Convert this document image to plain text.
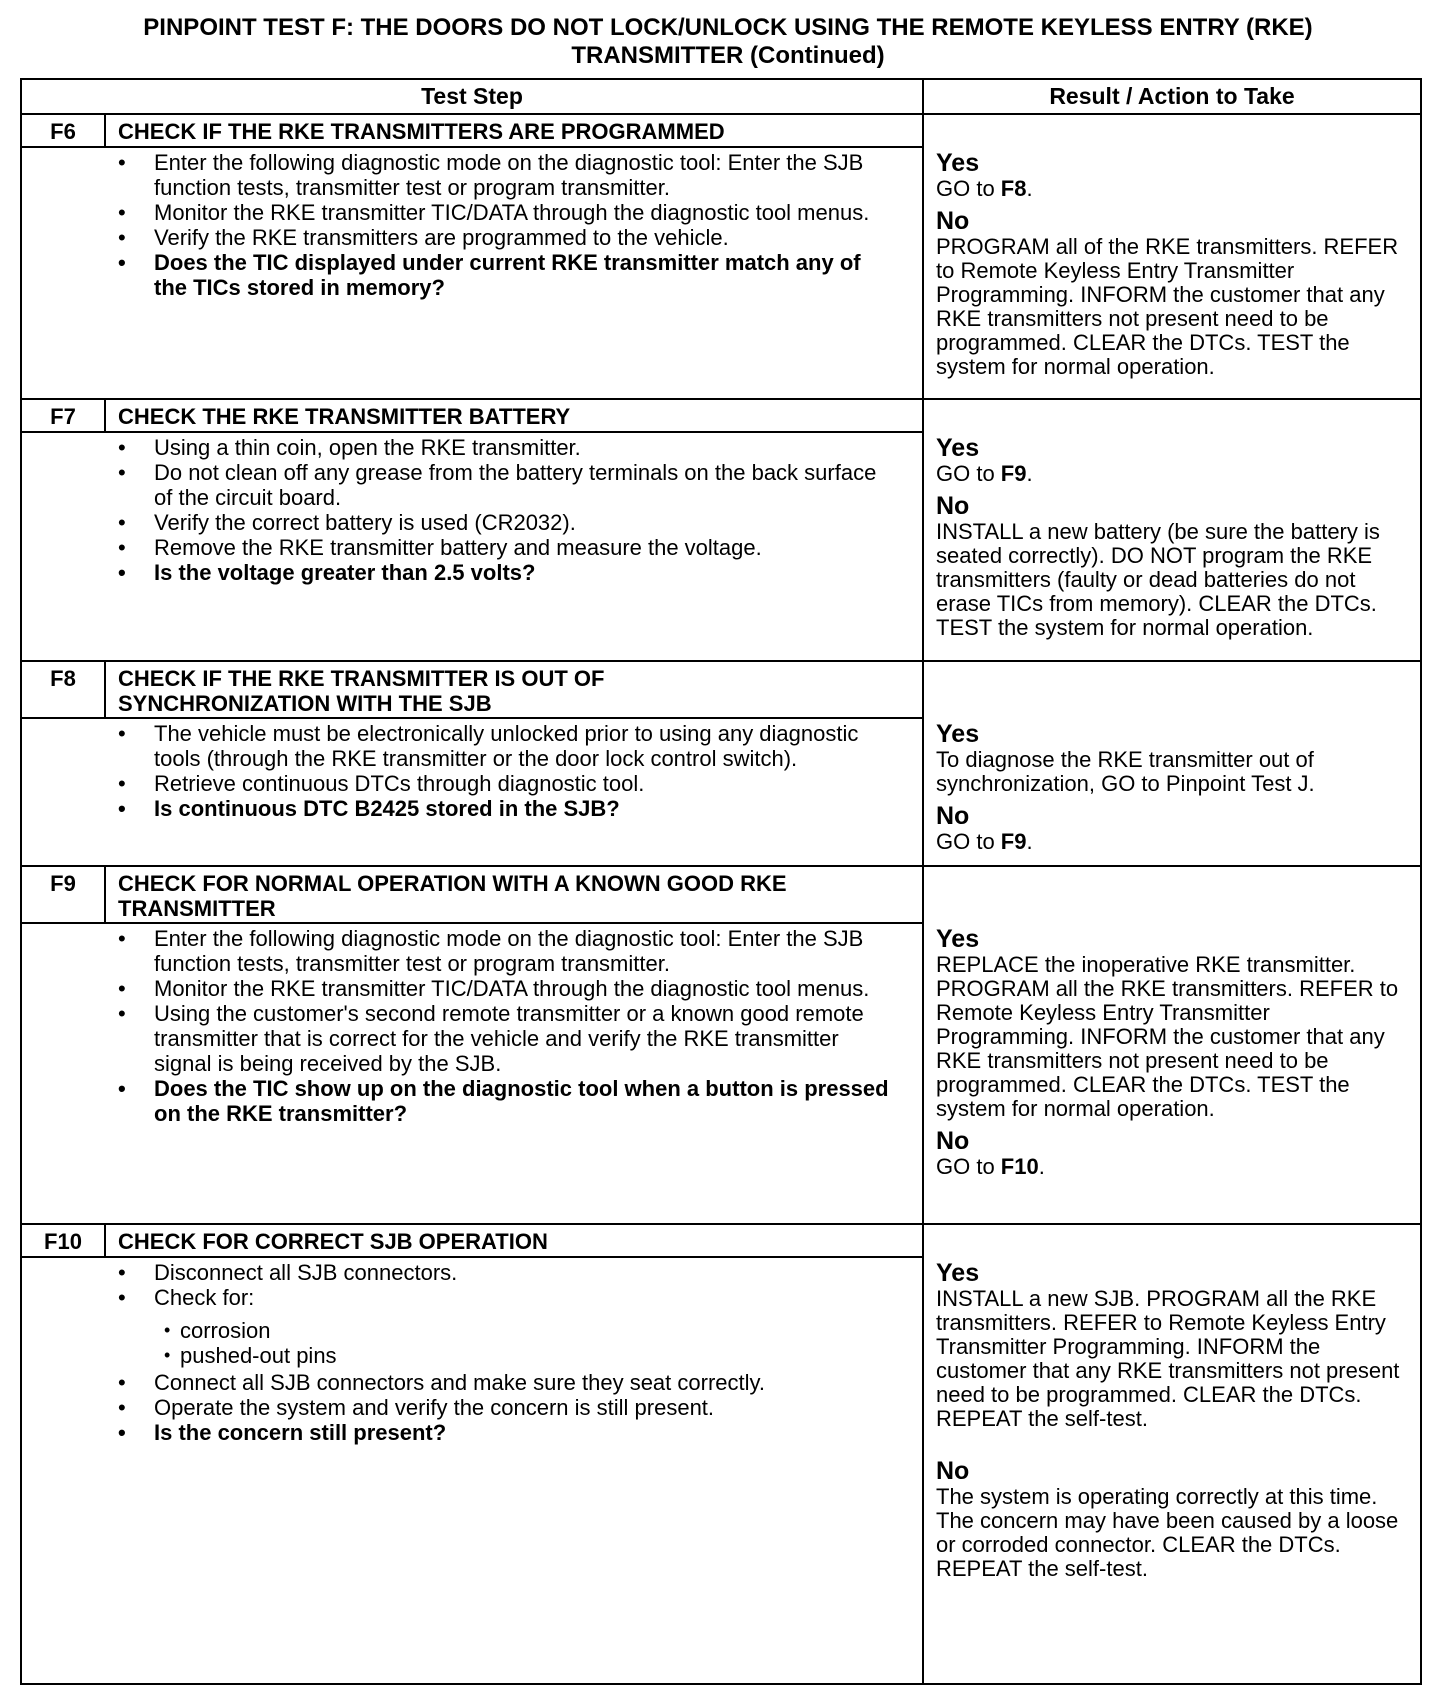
PINPOINT TEST F: THE DOORS DO NOT LOCK/UNLOCK USING THE REMOTE KEYLESS ENTRY (RKE)
TRANSMITTER (Continued)
Test Step	Result / Action to Take
F6	CHECK IF THE RKE TRANSMITTERS ARE PROGRAMMED
• Enter the following diagnostic mode on the diagnostic tool: Enter the SJB function tests, transmitter test or program transmitter.
• Monitor the RKE transmitter TIC/DATA through the diagnostic tool menus.
• Verify the RKE transmitters are programmed to the vehicle.
• Does the TIC displayed under current RKE transmitter match any of the TICs stored in memory?
Yes
GO to F8.
No
PROGRAM all of the RKE transmitters. REFER to Remote Keyless Entry Transmitter Programming. INFORM the customer that any RKE transmitters not present need to be programmed. CLEAR the DTCs. TEST the system for normal operation.
F7	CHECK THE RKE TRANSMITTER BATTERY
• Using a thin coin, open the RKE transmitter.
• Do not clean off any grease from the battery terminals on the back surface of the circuit board.
• Verify the correct battery is used (CR2032).
• Remove the RKE transmitter battery and measure the voltage.
• Is the voltage greater than 2.5 volts?
Yes
GO to F9.
No
INSTALL a new battery (be sure the battery is seated correctly). DO NOT program the RKE transmitters (faulty or dead batteries do not erase TICs from memory). CLEAR the DTCs. TEST the system for normal operation.
F8	CHECK IF THE RKE TRANSMITTER IS OUT OF SYNCHRONIZATION WITH THE SJB
• The vehicle must be electronically unlocked prior to using any diagnostic tools (through the RKE transmitter or the door lock control switch).
• Retrieve continuous DTCs through diagnostic tool.
• Is continuous DTC B2425 stored in the SJB?
Yes
To diagnose the RKE transmitter out of synchronization, GO to Pinpoint Test J.
No
GO to F9.
F9	CHECK FOR NORMAL OPERATION WITH A KNOWN GOOD RKE TRANSMITTER
• Enter the following diagnostic mode on the diagnostic tool: Enter the SJB function tests, transmitter test or program transmitter.
• Monitor the RKE transmitter TIC/DATA through the diagnostic tool menus.
• Using the customer's second remote transmitter or a known good remote transmitter that is correct for the vehicle and verify the RKE transmitter signal is being received by the SJB.
• Does the TIC show up on the diagnostic tool when a button is pressed on the RKE transmitter?
Yes
REPLACE the inoperative RKE transmitter. PROGRAM all the RKE transmitters. REFER to Remote Keyless Entry Transmitter Programming. INFORM the customer that any RKE transmitters not present need to be programmed. CLEAR the DTCs. TEST the system for normal operation.
No
GO to F10.
F10	CHECK FOR CORRECT SJB OPERATION
• Disconnect all SJB connectors.
• Check for:
• corrosion
• pushed-out pins
• Connect all SJB connectors and make sure they seat correctly.
• Operate the system and verify the concern is still present.
• Is the concern still present?
Yes
INSTALL a new SJB. PROGRAM all the RKE transmitters. REFER to Remote Keyless Entry Transmitter Programming. INFORM the customer that any RKE transmitters not present need to be programmed. CLEAR the DTCs. REPEAT the self-test.
No
The system is operating correctly at this time. The concern may have been caused by a loose or corroded connector. CLEAR the DTCs. REPEAT the self-test.
